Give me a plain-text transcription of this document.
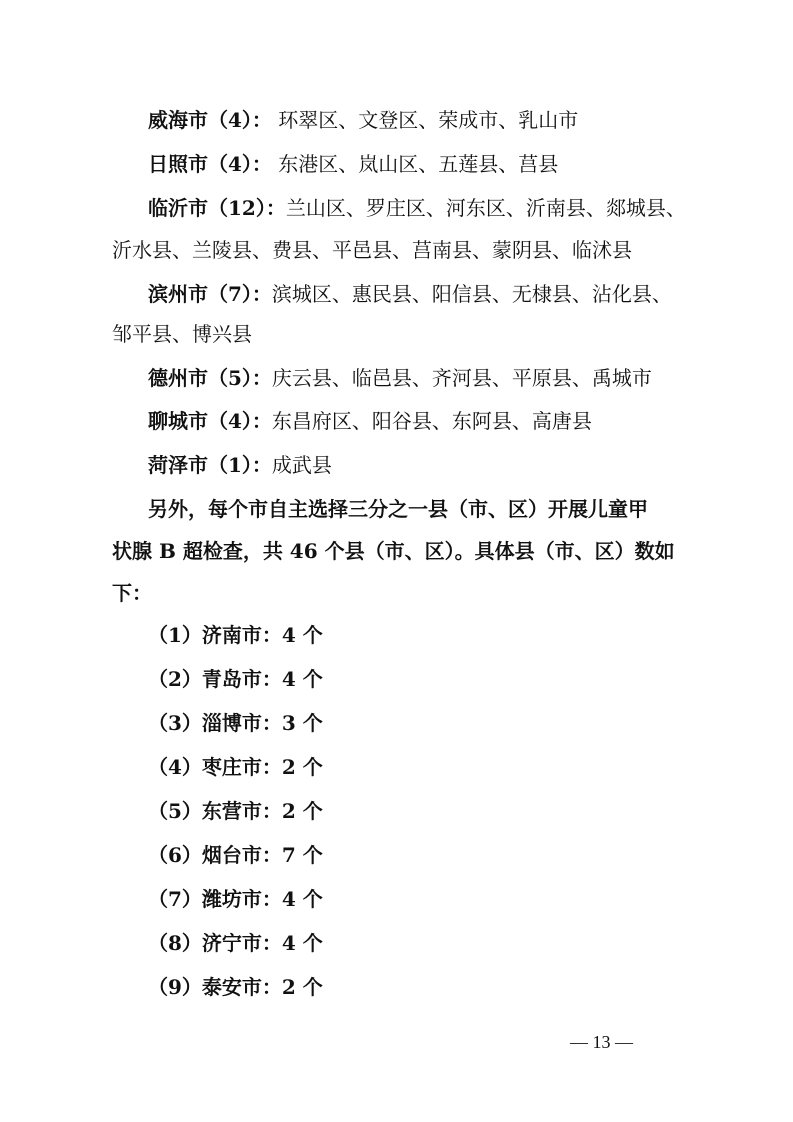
威海市（4）： 环翠区、文登区、荣成市、乳山市
日照市（4）： 东港区、岚山区、五莲县、莒县
临沂市（12）：兰山区、罗庄区、河东区、沂南县、郯城县、
沂水县、兰陵县、费县、平邑县、莒南县、蒙阴县、临沭县
滨州市（7）：滨城区、惠民县、阳信县、无棣县、沾化县、
邹平县、博兴县
德州市（5）：庆云县、临邑县、齐河县、平原县、禹城市
聊城市（4）：东昌府区、阳谷县、东阿县、高唐县
菏泽市（1）：成武县
另外，每个市自主选择三分之一县（市、区）开展儿童甲
状腺 B 超检查，共 46 个县（市、区）。具体县（市、区）数如
下：
（1）济南市：4 个
（2）青岛市：4 个
（3）淄博市：3 个
（4）枣庄市：2 个
（5）东营市：2 个
（6）烟台市：7 个
（7）潍坊市：4 个
（8）济宁市：4 个
（9）泰安市：2 个
— 13 —
